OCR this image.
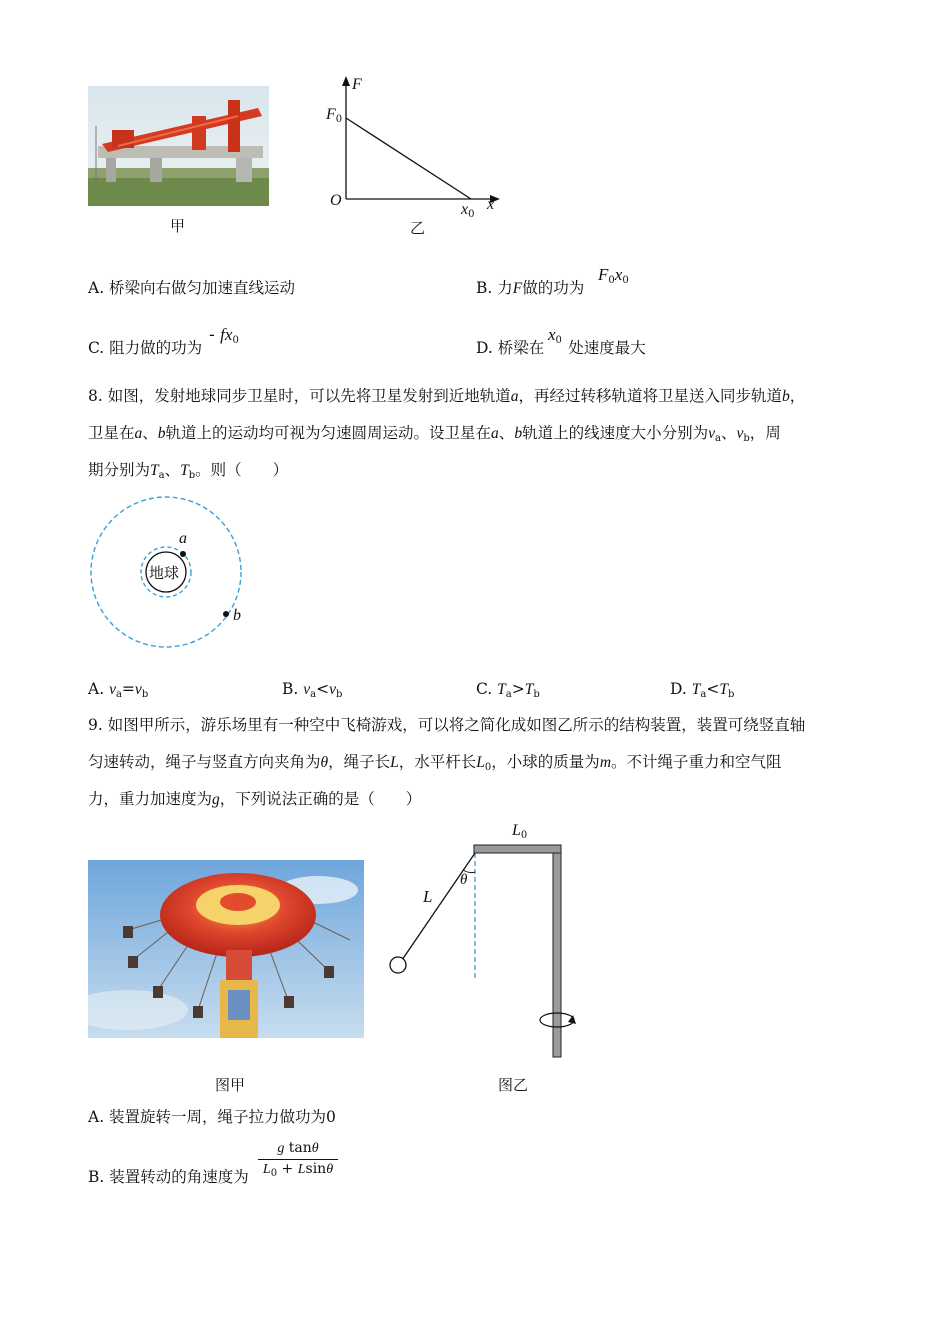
甲
F
x
O
$F_0$
$x_0$
乙
A. 桥梁向右做匀加速直线运动	B. 力F做的功为
$F_0x_0$
C. 阻力做的功为
- $fx_0$	D. 桥梁在 处速度最大
$x_0$
8. 如图，发射地球同步卫星时，可以先将卫星发射到近地轨道a，再经过转移轨道将卫星送入同步轨道b，
卫星在a、b轨道上的运动均可视为匀速圆周运动。设卫星在a、b轨道上的线速度大小分别为$v_a$、$v_b$，周
期分别为$T_a$、$T_b$。则（　　）
地球
a
b
A. $v_a=v_b$	B. $v_a<v_b$	C. $T_a>T_b$	D. $T_a<T_b$
9. 如图甲所示，游乐场里有一种空中飞椅游戏，可以将之简化成如图乙所示的结构装置，装置可绕竖直轴
匀速转动，绳子与竖直方向夹角为θ，绳子长L，水平杆长$L_0$，小球的质量为m。不计绳子重力和空气阻
力，重力加速度为g，下列说法正确的是（　　）
$L_0$
L
θ
图甲	图乙
A. 装置旋转一周，绳子拉力做功为0
B. 装置转动的角速度为
g tanθ
$L_0 + Lsin\theta$
